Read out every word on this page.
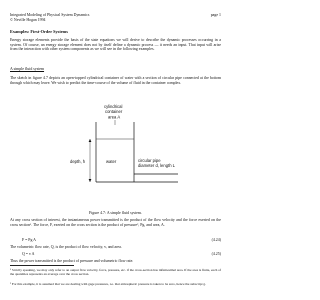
Integrated Modeling of Physical System Dynamics
© Neville Hogan 1994
page 1
Examples: First-Order Systems

Energy storage elements provide the basis of the state equations we will derive to describe the dynamic processes occurring in a system. Of course, an energy storage element does not by itself define a dynamic process — it needs an input. That input will arise from the interaction with other system components as we will see in the following examples.

A simple fluid system

The sketch in figure 4.7 depicts an open-topped cylindrical container of water with a section of circular pipe connected at the bottom through which may leave. We wish to predict the time-course of the volume of fluid in the container complex.

cylindrical
container
area A
depth, h	water	circular pipe
diameter d, length L
Figure 4.7: A simple fluid system.

At any cross section of interest, the instantaneous power transmitted is the product of the flow velocity and the force exerted on the cross section¹. The force, F, exerted on the cross section is the product of pressure², Pg, and area, A.

F = Pg A	(4.24)

The volumetric flow rate, Q, is the product of flow velocity, v, and area.

Q = v A	(4.25)

Thus the power transmitted is the product of pressure and volumetric flow rate.

¹ Strictly speaking, we may only refer to an output flow velocity, force, pressure, etc. if the cross-section has infinitesimal area. If the area is finite, each of the quantities represents an average over the cross section.

² For this example, it is assumed that we are dealing with gage pressures, i.e. that atmospheric pressure is taken to be zero, hence the subscript g.
